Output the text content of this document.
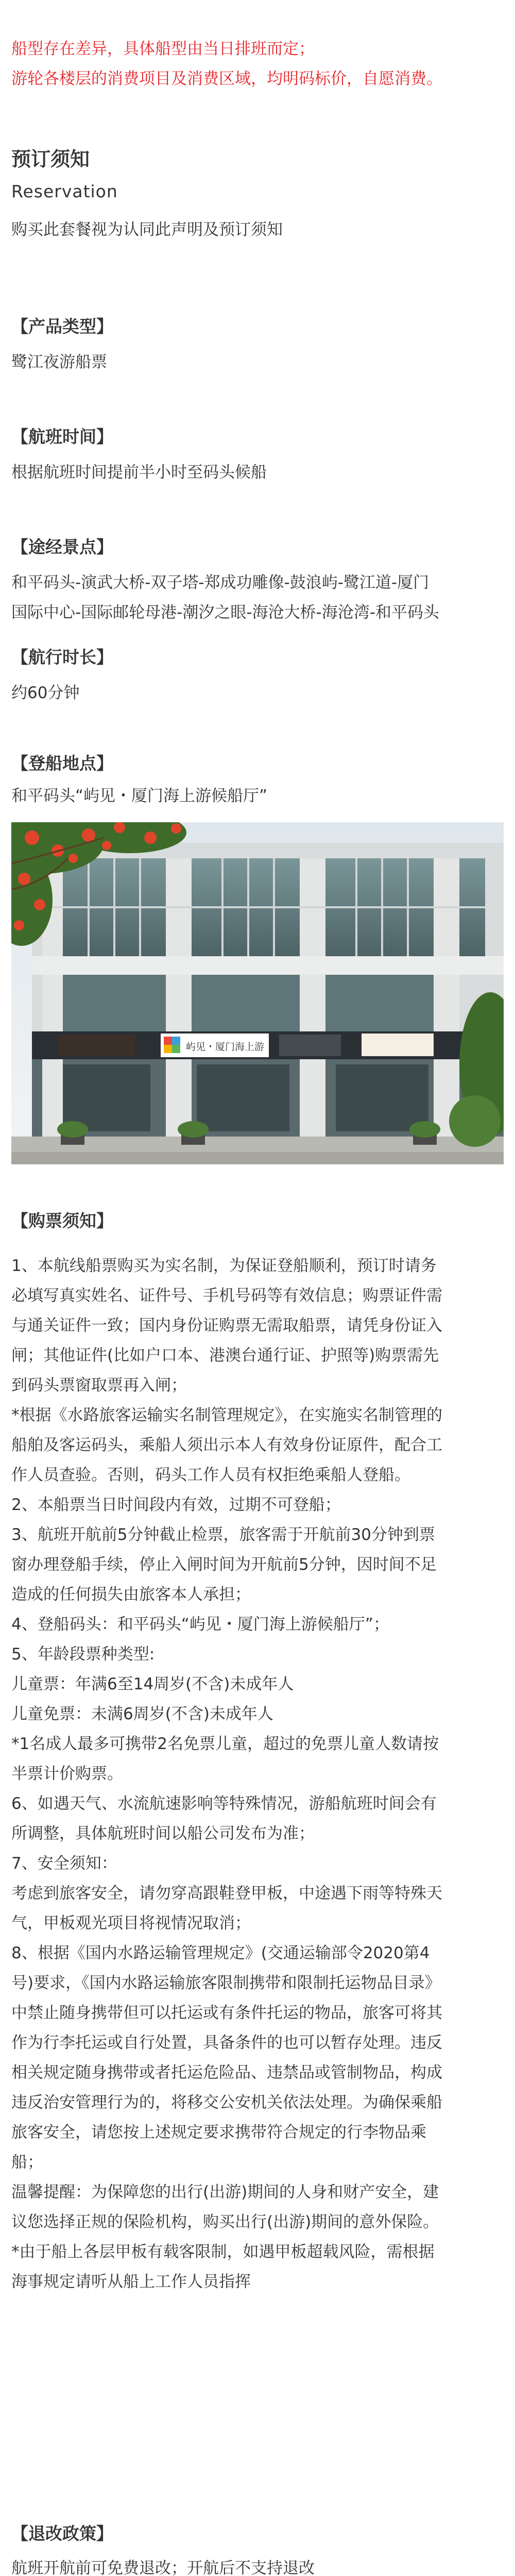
船型存在差异，具体船型由当日排班而定；

游轮各楼层的消费项目及消费区域，均明码标价，自愿消费。

预订须知
Reservation
购买此套餐视为认同此声明及预订须知
【产品类型】

鹭江夜游船票

【航班时间】

根据航班时间提前半小时至码头候船

【途经景点】

和平码头-演武大桥-双子塔-郑成功雕像-鼓浪屿-鹭江道-厦门

国际中心-国际邮轮母港-潮汐之眼-海沧大桥-海沧湾-和平码头

【航行时长】

约60分钟

【登船地点】

和平码头“屿见・厦门海上游候船厅”

屿见・厦门海上游
【购票须知】

1、本航线船票购买为实名制，为保证登船顺利，预订时请务

必填写真实姓名、证件号、手机号码等有效信息；购票证件需

与通关证件一致；国内身份证购票无需取船票，请凭身份证入

闸；其他证件(比如户口本、港澳台通行证、护照等)购票需先

到码头票窗取票再入闸；

*根据《水路旅客运输实名制管理规定》，在实施实名制管理的

船舶及客运码头，乘船人须出示本人有效身份证原件，配合工

作人员查验。否则，码头工作人员有权拒绝乘船人登船。

2、本船票当日时间段内有效，过期不可登船；

3、航班开航前5分钟截止检票，旅客需于开航前30分钟到票

窗办理登船手续，停止入闸时间为开航前5分钟，因时间不足

造成的任何损失由旅客本人承担；

4、登船码头：和平码头“屿见・厦门海上游候船厅”；

5、年龄段票种类型:

儿童票：年满6至14周岁(不含)未成年人

儿童免票：未满6周岁(不含)未成年人

*1名成人最多可携带2名免票儿童，超过的免票儿童人数请按

半票计价购票。

6、如遇天气、水流航速影响等特殊情况，游船航班时间会有

所调整，具体航班时间以船公司发布为准；

7、安全须知：

考虑到旅客安全，请勿穿高跟鞋登甲板，中途遇下雨等特殊天

气，甲板观光项目将视情况取消；

8、根据《国内水路运输管理规定》(交通运输部令2020第4

号)要求，《国内水路运输旅客限制携带和限制托运物品目录》

中禁止随身携带但可以托运或有条件托运的物品，旅客可将其

作为行李托运或自行处置，具备条件的也可以暂存处理。违反

相关规定随身携带或者托运危险品、违禁品或管制物品，构成

违反治安管理行为的，将移交公安机关依法处理。为确保乘船

旅客安全，请您按上述规定要求携带符合规定的行李物品乘

船；

温馨提醒：为保障您的出行(出游)期间的人身和财产安全，建

议您选择正规的保险机构，购买出行(出游)期间的意外保险。

*由于船上各层甲板有载客限制，如遇甲板超载风险，需根据

海事规定请听从船上工作人员指挥

【退改政策】

航班开航前可免费退改；开航后不支持退改
